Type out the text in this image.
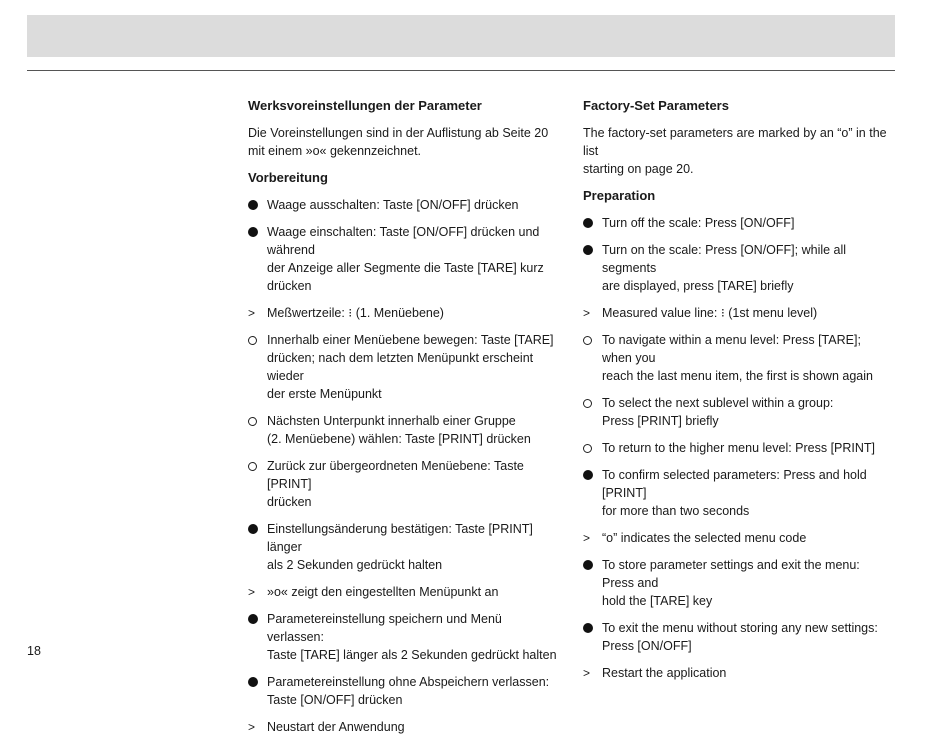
Werksvoreinstellungen der Parameter
Die Voreinstellungen sind in der Auflistung ab Seite 20
mit einem »o« gekennzeichnet.
Vorbereitung
Waage ausschalten: Taste [ON/OFF] drücken
Waage einschalten: Taste [ON/OFF] drücken und während
der Anzeige aller Segmente die Taste [TARE] kurz drücken
> Meßwertzeile: ⁝ (1. Menüebene)
Innerhalb einer Menüebene bewegen: Taste [TARE]
drücken; nach dem letzten Menüpunkt erscheint wieder
der erste Menüpunkt
Nächsten Unterpunkt innerhalb einer Gruppe
(2. Menüebene) wählen: Taste [PRINT] drücken
Zurück zur übergeordneten Menüebene: Taste [PRINT]
drücken
Einstellungsänderung bestätigen: Taste [PRINT] länger
als 2 Sekunden gedrückt halten
> »o« zeigt den eingestellten Menüpunkt an
Parametereinstellung speichern und Menü verlassen:
Taste [TARE] länger als 2 Sekunden gedrückt halten
Parametereinstellung ohne Abspeichern verlassen:
Taste [ON/OFF] drücken
> Neustart der Anwendung
Factory-Set Parameters
The factory-set parameters are marked by an “o” in the list
starting on page 20.
Preparation
Turn off the scale: Press [ON/OFF]
Turn on the scale: Press [ON/OFF]; while all segments
are displayed, press [TARE] briefly
> Measured value line: ⁝ (1st menu level)
To navigate within a menu level: Press [TARE]; when you
reach the last menu item, the first is shown again
To select the next sublevel within a group:
Press [PRINT] briefly
To return to the higher menu level: Press [PRINT]
To confirm selected parameters: Press and hold [PRINT]
for more than two seconds
> “o” indicates the selected menu code
To store parameter settings and exit the menu: Press and
hold the [TARE] key
To exit the menu without storing any new settings:
Press [ON/OFF]
> Restart the application
18
